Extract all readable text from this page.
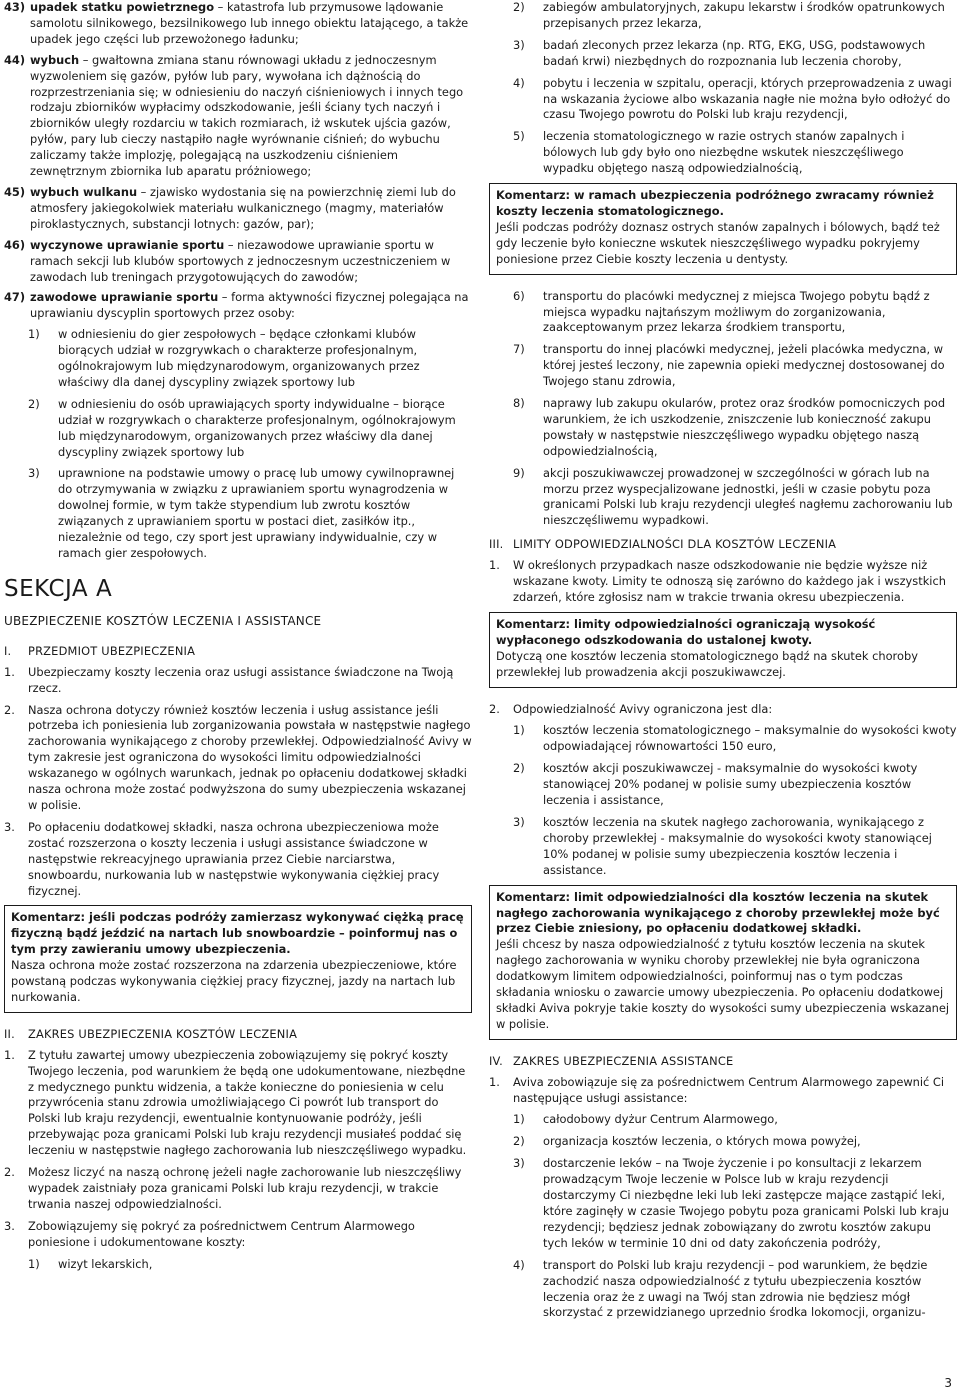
43) upadek statku powietrznego – katastrofa lub przymusowe lądowanie samolotu silnikowego, bezsilnikowego lub innego obiektu latającego, a także upadek jego części lub przewożonego ładunku;
44) wybuch – gwałtowna zmiana stanu równowagi układu z jednoczesnym wyzwoleniem się gazów, pyłów lub pary, wywołana ich dążnością do rozprzestrzeniania się; w odniesieniu do naczyń ciśnieniowych i innych tego rodzaju zbiorników wypłacimy odszkodowanie, jeśli ściany tych naczyń i zbiorników uległy rozdarciu w takich rozmiarach, iż wskutek ujścia gazów, pyłów, pary lub cieczy nastąpiło nagłe wyrównanie ciśnień; do wybuchu zaliczamy także implozję, polegającą na uszkodzeniu ciśnieniem zewnętrznym zbiornika lub aparatu próżniowego;
45) wybuch wulkanu – zjawisko wydostania się na powierzchnię ziemi lub do atmosfery jakiegokolwiek materiału wulkanicznego (magmy, materiałów piroklastycznych, substancji lotnych: gazów, par);
46) wyczynowe uprawianie sportu – niezawodowe uprawianie sportu w ramach sekcji lub klubów sportowych z jednoczesnym uczestniczeniem w zawodach lub treningach przygotowujących do zawodów;
47) zawodowe uprawianie sportu – forma aktywności fizycznej polegająca na uprawianiu dyscyplin sportowych przez osoby:
1)	w odniesieniu do gier zespołowych – będące członkami klubów biorących udział w rozgrywkach o charakterze profesjonalnym, ogólnokrajowym lub międzynarodowym, organizowanych przez właściwy dla danej dyscypliny związek sportowy lub
2)	w odniesieniu do osób uprawiających sporty indywidualne – biorące udział w rozgrywkach o charakterze profesjonalnym, ogólnokrajowym lub międzynarodowym, organizowanych przez właściwy dla danej dyscypliny związek sportowy lub
3)	uprawnione na podstawie umowy o pracę lub umowy cywilnoprawnej do otrzymywania w związku z uprawianiem sportu wynagrodzenia w dowolnej formie, w tym także stypendium lub zwrotu kosztów związanych z uprawianiem sportu w postaci diet, zasiłków itp., niezależnie od tego, czy sport jest uprawiany indywidualnie, czy w ramach gier zespołowych.
SEKCJA A
UBEZPIECZENIE KOSZTÓW LECZENIA I ASSISTANCE
I.	PRZEDMIOT UBEZPIECZENIA
1.	Ubezpieczamy koszty leczenia oraz usługi assistance świadczone na Twoją rzecz.
2.	Nasza ochrona dotyczy również kosztów leczenia i usług assistance jeśli potrzeba ich poniesienia lub zorganizowania powstała w następstwie nagłego zachorowania wynikającego z choroby przewlekłej. Odpowiedzialność Avivy w tym zakresie jest ograniczona do wysokości limitu odpowiedzialności wskazanego w ogólnych warunkach, jednak po opłaceniu dodatkowej składki nasza ochrona może zostać podwyższona do sumy ubezpieczenia wskazanej w polisie.
3.	Po opłaceniu dodatkowej składki, nasza ochrona ubezpieczeniowa może zostać rozszerzona o koszty leczenia i usługi assistance świadczone w następstwie rekreacyjnego uprawiania przez Ciebie narciarstwa, snowboardu, nurkowania lub w następstwie wykonywania ciężkiej pracy fizycznej.

Komentarz: jeśli podczas podróży zamierzasz wykonywać ciężką pracę fizyczną bądź jeździć na nartach lub snowboardzie – poinformuj nas o tym przy zawieraniu umowy ubezpieczenia.

Nasza ochrona może zostać rozszerzona na zdarzenia ubezpieczeniowe, które powstaną podczas wykonywania ciężkiej pracy fizycznej, jazdy na nartach lub nurkowania.

II.	ZAKRES UBEZPIECZENIA KOSZTÓW LECZENIA
1.	Z tytułu zawartej umowy ubezpieczenia zobowiązujemy się pokryć koszty Twojego leczenia, pod warunkiem że będą one udokumentowane, niezbędne z medycznego punktu widzenia, a także konieczne do poniesienia w celu przywrócenia stanu zdrowia umożliwiającego Ci powrót lub transport do Polski lub kraju rezydencji, ewentualnie kontynuowanie podróży, jeśli przebywając poza granicami Polski lub kraju rezydencji musiałeś poddać się leczeniu w następstwie nagłego zachorowania lub nieszczęśliwego wypadku.
2.	Możesz liczyć na naszą ochronę jeżeli nagłe zachorowanie lub nieszczęśliwy wypadek zaistniały poza granicami Polski lub kraju rezydencji, w trakcie trwania naszej odpowiedzialności.
3.	Zobowiązujemy się pokryć za pośrednictwem Centrum Alarmowego poniesione i udokumentowane koszty:
1)	wizyt lekarskich,
2)	zabiegów ambulatoryjnych, zakupu lekarstw i środków opatrunkowych przepisanych przez lekarza,
3)	badań zleconych przez lekarza (np. RTG, EKG, USG, podstawowych badań krwi) niezbędnych do rozpoznania lub leczenia choroby,
4)	pobytu i leczenia w szpitalu, operacji, których przeprowadzenia z uwagi na wskazania życiowe albo wskazania nagłe nie można było odłożyć do czasu Twojego powrotu do Polski lub kraju rezydencji,
5)	leczenia stomatologicznego w razie ostrych stanów zapalnych i bólowych lub gdy było ono niezbędne wskutek nieszczęśliwego wypadku objętego naszą odpowiedzialnością,

Komentarz: w ramach ubezpieczenia podróżnego zwracamy również koszty leczenia stomatologicznego.

Jeśli podczas podróży doznasz ostrych stanów zapalnych i bólowych, bądź też gdy leczenie było konieczne wskutek nieszczęśliwego wypadku pokryjemy poniesione przez Ciebie koszty leczenia u dentysty.

6)	transportu do placówki medycznej z miejsca Twojego pobytu bądź z miejsca wypadku najtańszym możliwym do zorganizowania, zaakceptowanym przez lekarza środkiem transportu,
7)	transportu do innej placówki medycznej, jeżeli placówka medyczna, w której jesteś leczony, nie zapewnia opieki medycznej dostosowanej do Twojego stanu zdrowia,
8)	naprawy lub zakupu okularów, protez oraz środków pomocniczych pod warunkiem, że ich uszkodzenie, zniszczenie lub konieczność zakupu powstały w następstwie nieszczęśliwego wypadku objętego naszą odpowiedzialnością,
9)	akcji poszukiwawczej prowadzonej w szczególności w górach lub na morzu przez wyspecjalizowane jednostki, jeśli w czasie pobytu poza granicami Polski lub kraju rezydencji uległeś nagłemu zachorowaniu lub nieszczęśliwemu wypadkowi.
III. LIMITY ODPOWIEDZIALNOŚCI DLA KOSZTÓW LECZENIA
1.	W określonych przypadkach nasze odszkodowanie nie będzie wyższe niż wskazane kwoty. Limity te odnoszą się zarówno do każdego jak i wszystkich zdarzeń, które zgłosisz nam w trakcie trwania okresu ubezpieczenia.

Komentarz: limity odpowiedzialności ograniczają wysokość wypłaconego odszkodowania do ustalonej kwoty.

Dotyczą one kosztów leczenia stomatologicznego bądź na skutek choroby przewlekłej lub prowadzenia akcji poszukiwawczej.

2.	Odpowiedzialność Avivy ograniczona jest dla:
1)	kosztów leczenia stomatologicznego – maksymalnie do wysokości kwoty odpowiadającej równowartości 150 euro,
2)	kosztów akcji poszukiwawczej - maksymalnie do wysokości kwoty stanowiącej 20% podanej w polisie sumy ubezpieczenia kosztów leczenia i assistance,
3)	kosztów leczenia na skutek nagłego zachorowania, wynikającego z choroby przewlekłej - maksymalnie do wysokości kwoty stanowiącej 10% podanej w polisie sumy ubezpieczenia kosztów leczenia i assistance.

Komentarz: limit odpowiedzialności dla kosztów leczenia na skutek nagłego zachorowania wynikającego z choroby przewlekłej może być przez Ciebie zniesiony, po opłaceniu dodatkowej składki.

Jeśli chcesz by nasza odpowiedzialność z tytułu kosztów leczenia na skutek nagłego zachorowania w wyniku choroby przewlekłej nie była ograniczona dodatkowym limitem odpowiedzialności, poinformuj nas o tym podczas składania wniosku o zawarcie umowy ubezpieczenia. Po opłaceniu dodatkowej składki Aviva pokryje takie koszty do wysokości sumy ubezpieczenia wskazanej w polisie.

IV. ZAKRES UBEZPIECZENIA ASSISTANCE
1.	Aviva zobowiązuje się za pośrednictwem Centrum Alarmowego zapewnić Ci następujące usługi assistance:
1)	całodobowy dyżur Centrum Alarmowego,
2)	organizacja kosztów leczenia, o których mowa powyżej,
3)	dostarczenie leków – na Twoje życzenie i po konsultacji z lekarzem prowadzącym Twoje leczenie w Polsce lub w kraju rezydencji dostarczymy Ci niezbędne leki lub leki zastępcze mające zastąpić leki, które zaginęły w czasie Twojego pobytu poza granicami Polski lub kraju rezydencji; będziesz jednak zobowiązany do zwrotu kosztów zakupu tych leków w terminie 10 dni od daty zakończenia podróży,
4)	transport do Polski lub kraju rezydencji – pod warunkiem, że będzie zachodzić nasza odpowiedzialność z tytułu ubezpieczenia kosztów leczenia oraz że z uwagi na Twój stan zdrowia nie będziesz mógł skorzystać z przewidzianego uprzednio środka lokomocji, organizu-
3
